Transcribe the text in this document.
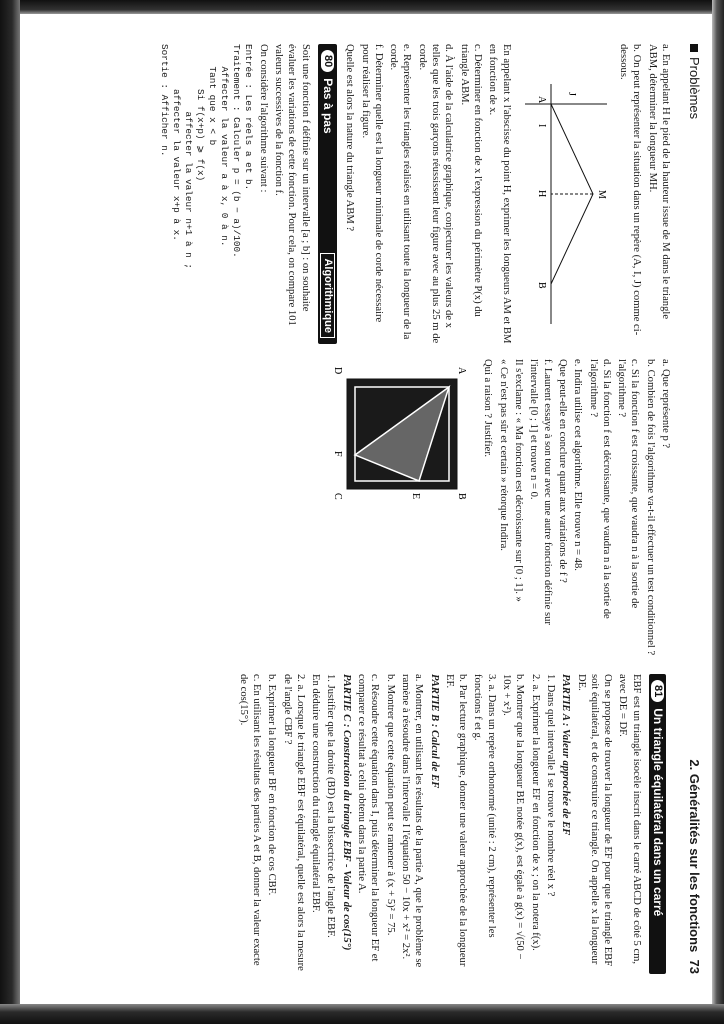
Problèmes
2. Généralités sur les fonctions  73

a. En appelant H le pied de la hauteur issue de M dans le triangle ABM, déterminer la longueur MH.

b. On peut représenter la situation dans un repère (A, I, J) comme ci-dessous.

A
I
H
B
J
M

En appelant x l'abscisse du point H, exprimer les longueurs AM et BM en fonction de x.

c. Déterminer en fonction de x l'expression du périmètre P(x) du triangle ABM.

d. À l'aide de la calculatrice graphique, conjecturer les valeurs de x telles que les trois garçons réussissent leur figure avec au plus 25 m de corde.

e. Représenter les triangles réalisés en utilisant toute la longueur de la corde.

f. Déterminer quelle est la longueur minimale de corde nécessaire pour réaliser la figure.

Quelle est alors la nature du triangle ABM ?

80
Pas à pas
Algorithmique

Soit une fonction f définie sur un intervalle [a ; b] : on souhaite évaluer les variations de cette fonction. Pour cela, on compare 101 valeurs successives de la fonction f.

On considère l'algorithme suivant :

Entrée : Les réels a et b.
Traitement : Calculer p = (b − a)/100.
Affecter la valeur a à x, 0 à n.
Tant que x < b
Si f(x+p) ⩾ f(x)
affecter la valeur n+1 à n ;
affecter la valeur x+p à x.
Sortie : Afficher n.

a. Que représente p ?

b. Combien de fois l'algorithme va-t-il effectuer un test conditionnel ?

c. Si la fonction f est croissante, que vaudra n à la sortie de l'algorithme ?

d. Si la fonction f est décroissante, que vaudra n à la sortie de l'algorithme ?

e. Indira utilise cet algorithme. Elle trouve n = 48.

Que peut-elle en conclure quant aux variations de f ?

f. Laurent essaye à son tour avec une autre fonction définie sur l'intervalle [0 ; 1] et trouve n = 0.

Il s'exclame : « Ma fonction est décroissante sur [0 ; 1]. »

« Ce n'est pas sûr et certain » rétorque Indira.

Qui a raison ? Justifier.

A
B
C
D
E
F
81
Un triangle équilatéral dans un carré

EBF est un triangle isocèle inscrit dans le carré ABCD de côté 5 cm, avec DE = DF.

On se propose de trouver la longueur de EF pour que le triangle EBF soit équilatéral, et de construire ce triangle. On appelle x la longueur DE.

PARTIE A : Valeur approchée de EF

1. Dans quel intervalle I se trouve le nombre réel x ?

2. a. Exprimer la longueur EF en fonction de x ; on la notera f(x).

b. Montrer que la longueur BE notée g(x), est égale à g(x) = √(50 − 10x + x²).

3. a. Dans un repère orthonormé (unité : 2 cm), représenter les fonctions f et g.

b. Par lecture graphique, donner une valeur approchée de la longueur EF.

PARTIE B : Calcul de EF

a. Montrer, en utilisant les résultats de la partie A, que le problème se ramène à résoudre dans l'intervalle I l'équation 50 − 10x + x² = 2x².

b. Montrer que cette équation peut se ramener à (x + 5)² = 75.

c. Résoudre cette équation dans I, puis déterminer la longueur EF et comparer ce résultat à celui obtenu dans la partie A.

PARTIE C : Construction du triangle EBF - Valeur de cos(15°)

1. Justifier que la droite (BD) est la bissectrice de l'angle EBF.

En déduire une construction du triangle équilatéral EBF.

2. a. Lorsque le triangle EBF est équilatéral, quelle est alors la mesure de l'angle CBF ?

b. Exprimer la longueur BF en fonction de cos CBF.

c. En utilisant les résultats des parties A et B, donner la valeur exacte de cos(15°).
